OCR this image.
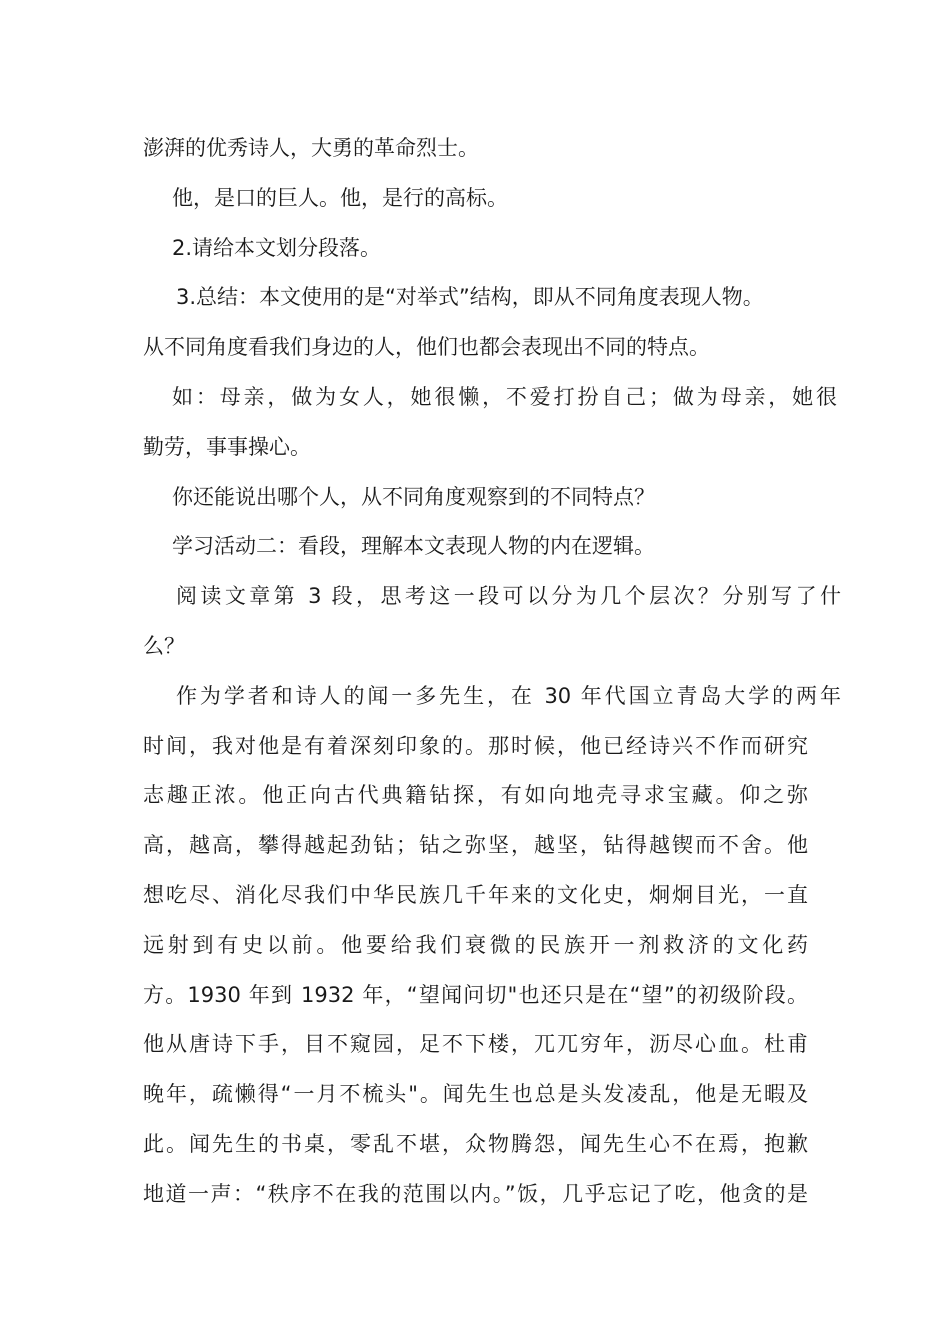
澎湃的优秀诗人，大勇的革命烈士。
他，是口的巨人。他，是行的高标。
2.请给本文划分段落。
3.总结：本文使用的是“对举式”结构，即从不同角度表现人物。
从不同角度看我们身边的人，他们也都会表现出不同的特点。
如：母亲，做为女人，她很懒，不爱打扮自己；做为母亲，她很
勤劳，事事操心。
你还能说出哪个人，从不同角度观察到的不同特点？
学习活动二：看段，理解本文表现人物的内在逻辑。
阅读文章第 3 段，思考这一段可以分为几个层次？分别写了什
么？
作为学者和诗人的闻一多先生，在 30 年代国立青岛大学的两年
时间，我对他是有着深刻印象的。那时候，他已经诗兴不作而研究
志趣正浓。他正向古代典籍钻探，有如向地壳寻求宝藏。仰之弥
高，越高，攀得越起劲钻；钻之弥坚，越坚，钻得越锲而不舍。他
想吃尽、消化尽我们中华民族几千年来的文化史，炯炯目光，一直
远射到有史以前。他要给我们衰微的民族开一剂救济的文化药
方。1930 年到 1932 年，“望闻问切"也还只是在“望”的初级阶段。
他从唐诗下手，目不窥园，足不下楼，兀兀穷年，沥尽心血。杜甫
晚年，疏懒得“一月不梳头"。闻先生也总是头发凌乱，他是无暇及
此。闻先生的书桌，零乱不堪，众物腾怨，闻先生心不在焉，抱歉
地道一声：“秩序不在我的范围以内。”饭，几乎忘记了吃，他贪的是
